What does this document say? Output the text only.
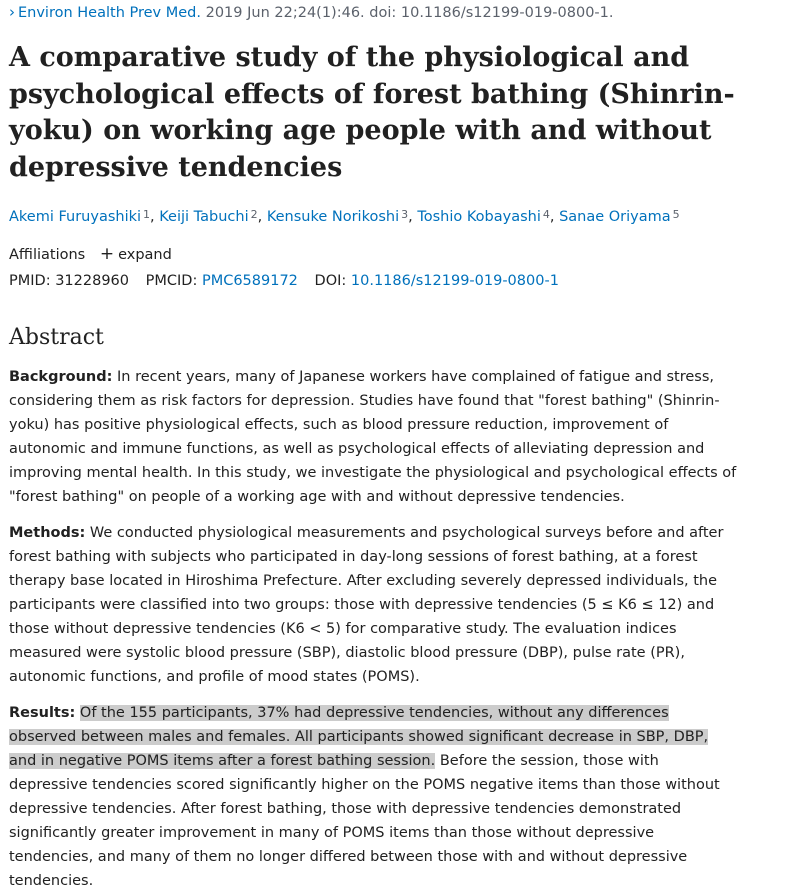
› Environ Health Prev Med. 2019 Jun 22;24(1):46. doi: 10.1186/s12199-019-0800-1.
A comparative study of the physiological and psychological effects of forest bathing (Shinrin-yoku) on working age people with and without depressive tendencies
Akemi Furuyashiki $^1$, Keiji Tabuchi $^2$, Kensuke Norikoshi $^3$, Toshio Kobayashi $^4$, Sanae Oriyama $^5$
Affiliations + expand
PMID: 31228960 PMCID: PMC6589172 DOI: 10.1186/s12199-019-0800-1
Abstract

Background: In recent years, many of Japanese workers have complained of fatigue and stress, considering them as risk factors for depression. Studies have found that "forest bathing" (Shinrin-yoku) has positive physiological effects, such as blood pressure reduction, improvement of autonomic and immune functions, as well as psychological effects of alleviating depression and improving mental health. In this study, we investigate the physiological and psychological effects of "forest bathing" on people of a working age with and without depressive tendencies.

Methods: We conducted physiological measurements and psychological surveys before and after forest bathing with subjects who participated in day-long sessions of forest bathing, at a forest therapy base located in Hiroshima Prefecture. After excluding severely depressed individuals, the participants were classified into two groups: those with depressive tendencies (5 ≤ K6 ≤ 12) and those without depressive tendencies (K6 < 5) for comparative study. The evaluation indices measured were systolic blood pressure (SBP), diastolic blood pressure (DBP), pulse rate (PR), autonomic functions, and profile of mood states (POMS).

Results: Of the 155 participants, 37% had depressive tendencies, without any differences observed between males and females. All participants showed significant decrease in SBP, DBP, and in negative POMS items after a forest bathing session. Before the session, those with depressive tendencies scored significantly higher on the POMS negative items than those without depressive tendencies. After forest bathing, those with depressive tendencies demonstrated significantly greater improvement in many of POMS items than those without depressive tendencies, and many of them no longer differed between those with and without depressive tendencies.
